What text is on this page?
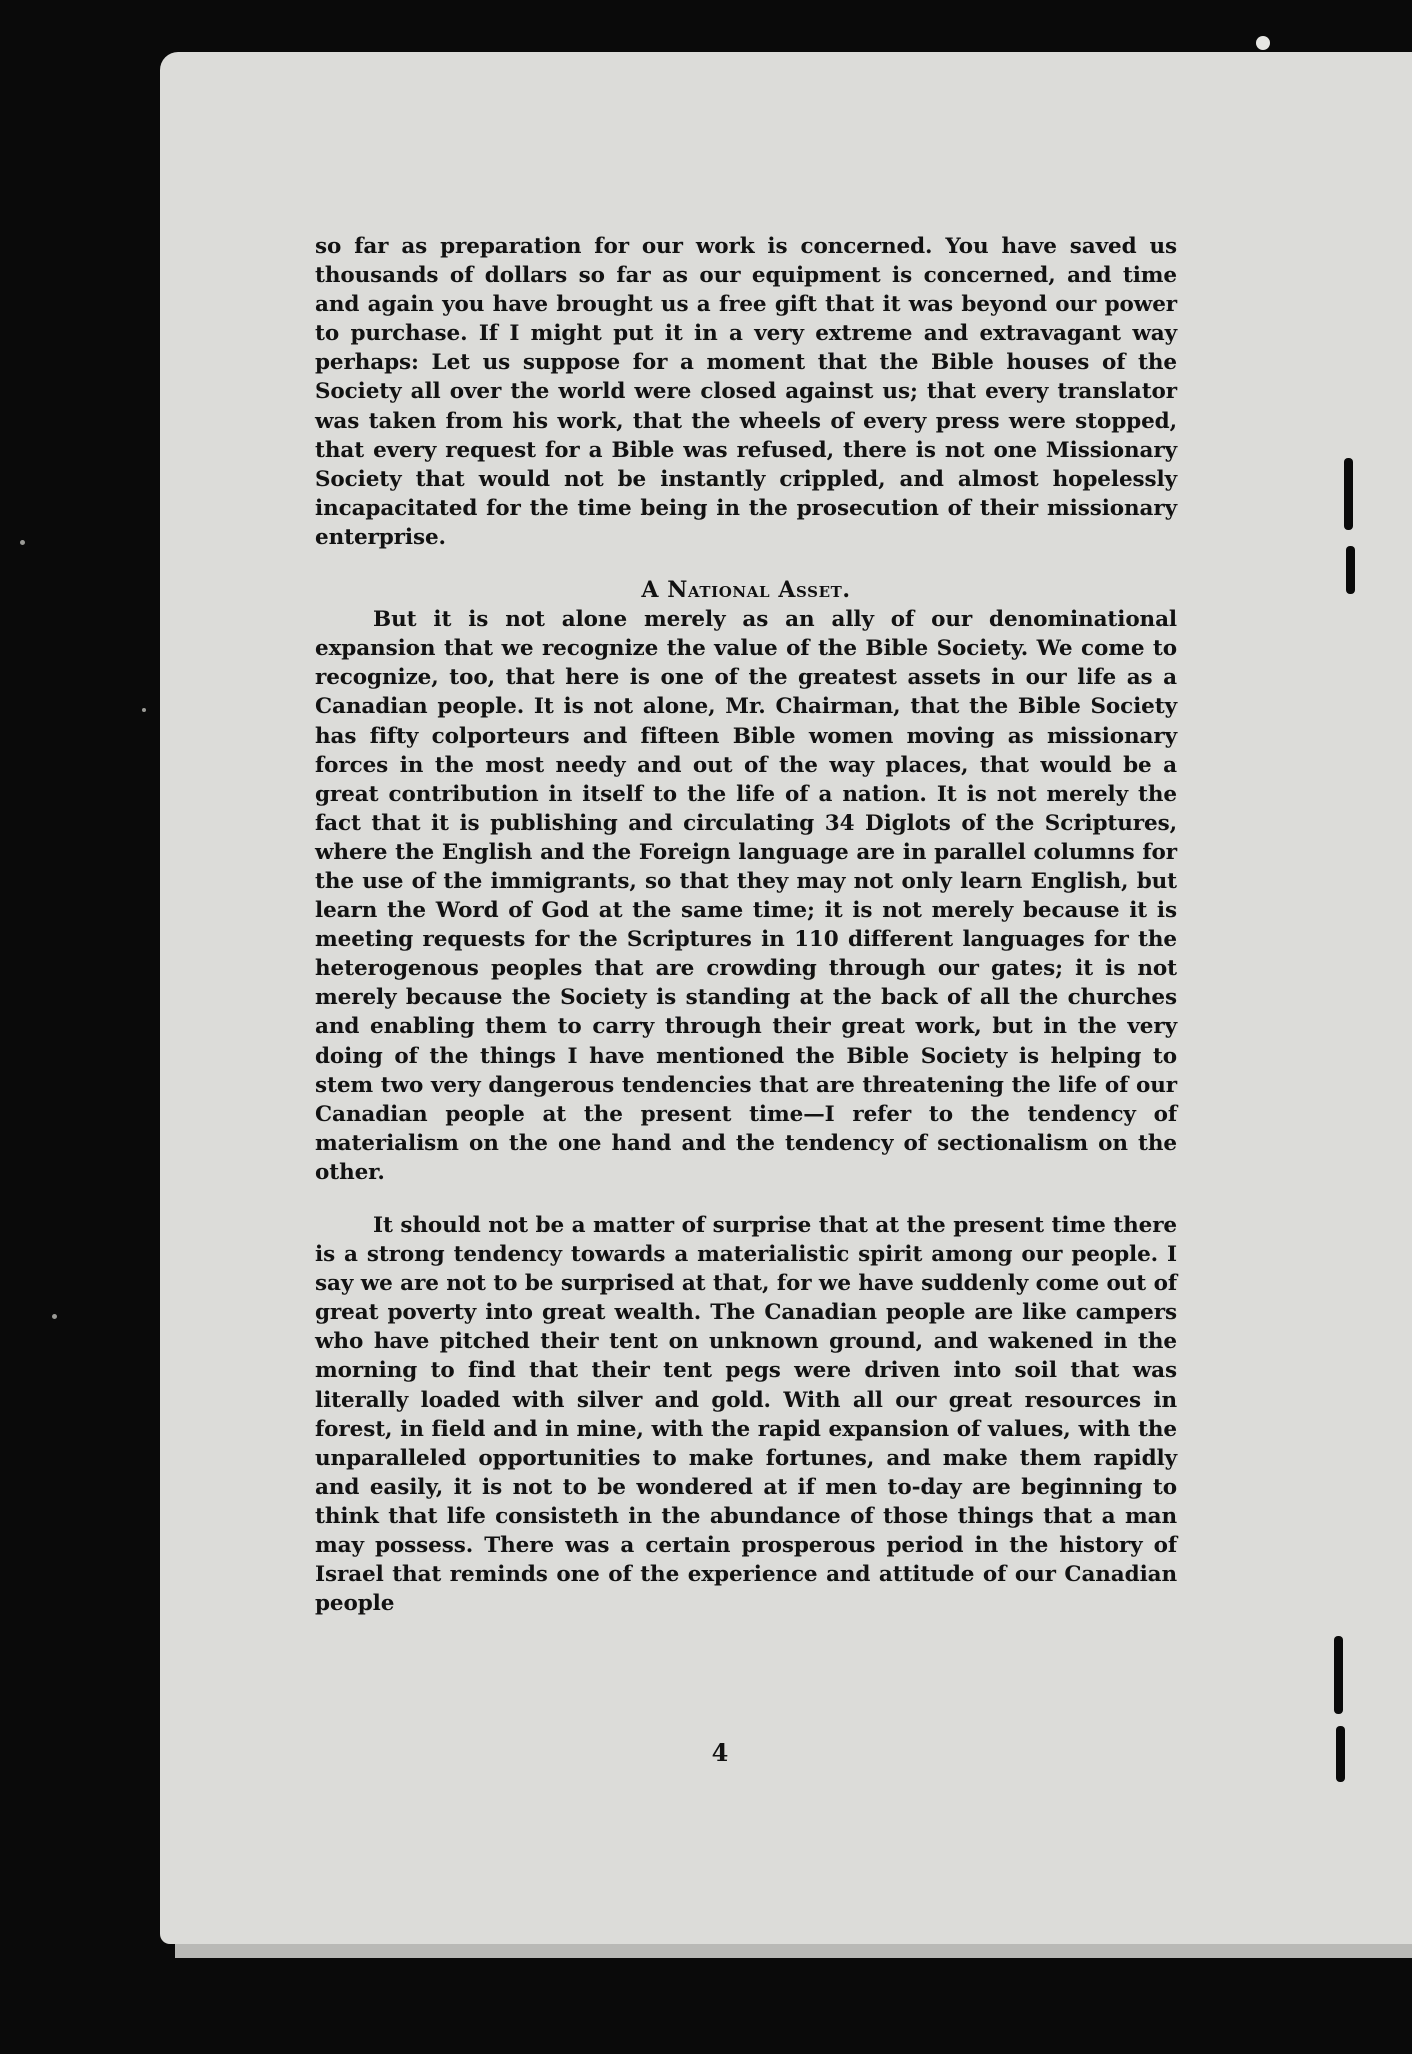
so far as preparation for our work is concerned. You have saved us thousands of dollars so far as our equipment is concerned, and time and again you have brought us a free gift that it was beyond our power to purchase. If I might put it in a very extreme and extravagant way perhaps: Let us suppose for a moment that the Bible houses of the Society all over the world were closed against us; that every translator was taken from his work, that the wheels of every press were stopped, that every request for a Bible was refused, there is not one Missionary Society that would not be instantly crippled, and almost hopelessly incapacitated for the time being in the prosecution of their missionary enterprise.

A National Asset.

But it is not alone merely as an ally of our denominational expansion that we recognize the value of the Bible Society. We come to recognize, too, that here is one of the greatest assets in our life as a Canadian people. It is not alone, Mr. Chairman, that the Bible Society has fifty colporteurs and fifteen Bible women moving as missionary forces in the most needy and out of the way places, that would be a great contribution in itself to the life of a nation. It is not merely the fact that it is publishing and circulating 34 Diglots of the Scriptures, where the English and the Foreign language are in parallel columns for the use of the immigrants, so that they may not only learn English, but learn the Word of God at the same time; it is not merely because it is meeting requests for the Scriptures in 110 different languages for the heterogenous peoples that are crowding through our gates; it is not merely because the Society is standing at the back of all the churches and enabling them to carry through their great work, but in the very doing of the things I have mentioned the Bible Society is helping to stem two very dangerous tendencies that are threatening the life of our Canadian people at the present time—I refer to the tendency of materialism on the one hand and the tendency of sectionalism on the other.

It should not be a matter of surprise that at the present time there is a strong tendency towards a materialistic spirit among our people. I say we are not to be surprised at that, for we have suddenly come out of great poverty into great wealth. The Canadian people are like campers who have pitched their tent on unknown ground, and wakened in the morning to find that their tent pegs were driven into soil that was literally loaded with silver and gold. With all our great resources in forest, in field and in mine, with the rapid expansion of values, with the unparalleled opportunities to make fortunes, and make them rapidly and easily, it is not to be wondered at if men to-day are beginning to think that life consisteth in the abundance of those things that a man may possess. There was a certain prosperous period in the history of Israel that reminds one of the experience and attitude of our Canadian people

4
